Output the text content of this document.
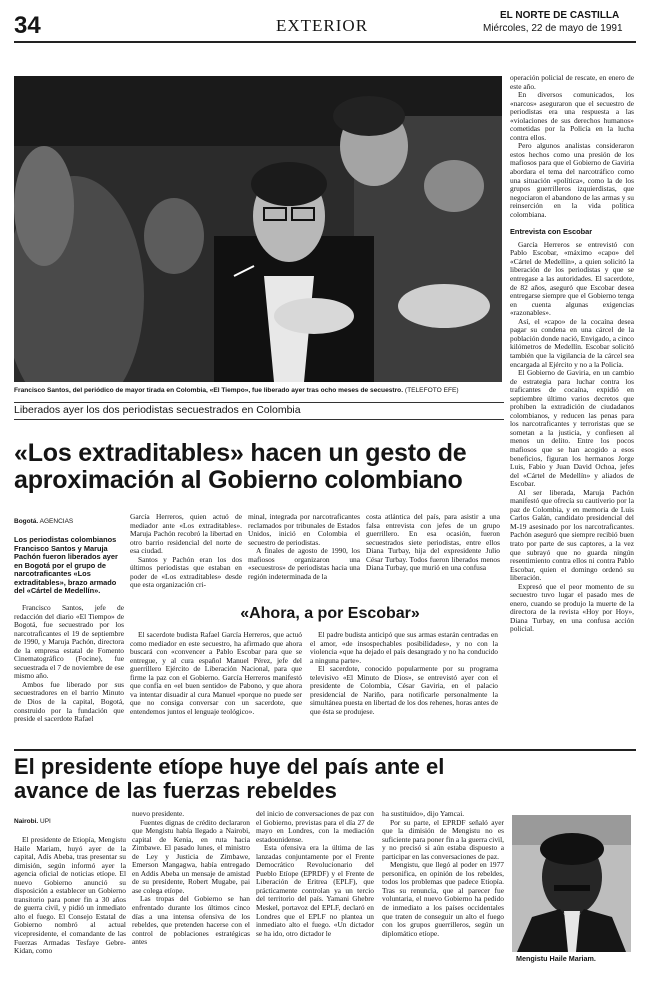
34	EXTERIOR
EL NORTE DE CASTILLA
Miércoles, 22 de mayo de 1991
Francisco Santos, del periódico de mayor tirada en Colombia, «El Tiempo», fue liberado ayer tras ocho meses de secuestro. (TELEFOTO EFE)
Liberados ayer los dos periodistas secuestrados en Colombia
«Los extraditables» hacen un gesto de aproximación al Gobierno colombiano
Bogotá. AGENCIAS
Los periodistas colombianos Francisco Santos y Maruja Pachón fueron liberados ayer en Bogotá por el grupo de narcotraficantes «Los extraditables», brazo armado del «Cártel de Medellín».

Francisco Santos, jefe de redacción del diario «El Tiempo» de Bogotá, fue secuestrado por los narcotraficantes el 19 de septiembre de 1990, y Maruja Pachón, directora de la empresa estatal de Fomento Cinematográfico (Focine), fue secuestrada el 7 de noviembre de ese mismo año.

Ambos fue liberado por sus secuestradores en el barrio Minuto de Dios de la capital, Bogotá, construido por la fundación que preside el sacerdote Rafael

García Herreros, quien actuó de mediador ante «Los extraditables». Maruja Pachón recobró la libertad en otro barrio residencial del norte de esa ciudad.

Santos y Pachón eran los dos últimos periodistas que estaban en poder de «Los extraditables» desde que esta organización cri-

minal, integrada por narcotraficantes reclamados por tribunales de Estados Unidos, inició en Colombia el secuestro de periodistas.

A finales de agosto de 1990, los mafiosos organizaron una «secuestros» de periodistas hacia una región indeterminada de la

costa atlántica del país, para asistir a una falsa entrevista con jefes de un grupo guerrillero. En esa ocasión, fueron secuestrados siete periodistas, entre ellos Diana Turbay, hija del expresidente Julio César Turbay. Todos fueron liberados menos Diana Turbay, que murió en una confusa

«Ahora, a por Escobar»

El sacerdote budista Rafael García Herreros, que actuó como mediador en este secuestro, ha afirmado que ahora buscará con «convencer a Pablo Escobar para que se entregue, y al cura español Manuel Pérez, jefe del guerrillero Ejército de Liberación Nacional, para que firme la paz con el Gobierno. García Herreros manifestó que confía en «el buen sentido» de Pabono, y que ahora va intentar disuadir al cura Manuel «porque no puede ser que no consiga conversar con un sacerdote, que entendemos juntos el lenguaje teológico».

El padre budista anticipó que sus armas estarán centradas en el amor, «de insospechables posibilidades», y no con la violencia «que ha dejado el país desangrado y no ha conducido a ninguna parte».

El sacerdote, conocido popularmente por su programa televisivo «El Minuto de Dios», se entrevistó ayer con el presidente de Colombia, César Gaviria, en el palacio presidencial de Nariño, para notificarle personalmente la simultánea puesta en libertad de los dos rehenes, horas antes de que ésta se produjese.

operación policial de rescate, en enero de este año.

En diversos comunicados, los «narcos» aseguraron que el secuestro de periodistas era una respuesta a las «violaciones de sus derechos humanos» cometidas por la Policía en la lucha contra ellos.

Pero algunos analistas consideraron estos hechos como una presión de los mafiosos para que el Gobierno de Gaviria abordara el tema del narcotráfico como una situación «política», como la de los grupos guerrilleros izquierdistas, que negociaron el abandono de las armas y su reinserción en la vida política colombiana.

Entrevista con Escobar

García Herreros se entrevistó con Pablo Escobar, «máximo «capo» del «Cártel de Medellín», a quien solicitó la liberación de los periodistas y que se entregase a las autoridades. El sacerdote, de 82 años, aseguró que Escobar desea entregarse siempre que el Gobierno tenga en cuenta algunas exigencias «razonables».

Así, el «capo» de la cocaína desea pagar su condena en una cárcel de la población donde nació, Envigado, a cinco kilómetros de Medellín. Escobar solicitó también que la vigilancia de la cárcel sea encargada al Ejército y no a la Policía.

El Gobierno de Gaviria, en un cambio de estrategia para luchar contra los traficantes de cocaína, expidió en septiembre último varios decretos que prohíben la extradición de ciudadanos colombianos, y reducen las penas para los narcotraficantes y terroristas que se sometan a la justicia, y confiesen al menos un delito. Entre los pocos mafiosos que se han acogido a esos beneficios, figuran los hermanos Jorge Luis, Fabio y Juan David Ochoa, jefes del «Cártel de Medellín» y aliados de Escobar.

Al ser liberada, Maruja Pachón manifestó que ofrecía su cautiverio por la paz de Colombia, y en memoria de Luis Carlos Galán, candidato presidencial del M-19 asesinado por los narcotraficantes. Pachón aseguró que siempre recibió buen trato por parte de sus captores, a la vez que subrayó que no guarda ningún resentimiento contra ellos ni contra Pablo Escobar, quien el domingo ordenó su liberación.

Expresó que el peor momento de su secuestro tuvo lugar el pasado mes de enero, cuando se produjo la muerte de la directora de la revista «Hoy por Hoy», Diana Turbay, en una confusa acción policial.

El presidente etíope huye del país ante el avance de las fuerzas rebeldes
Nairobi. UPI

El presidente de Etiopía, Mengistu Haile Mariam, huyó ayer de la capital, Adís Abeba, tras presentar su dimisión, según informó ayer la agencia oficial de noticias etíope. El nuevo Gobierno anunció su disposición a establecer un Gobierno transitorio para poner fin a 30 años de guerra civil, y pidió un inmediato alto el fuego. El Consejo Estatal de Gobierno nombró al actual vicepresidente, el comandante de las Fuerzas Armadas Tesfaye Gebre-Kidan, como

nuevo presidente.

Fuentes dignas de crédito declararon que Mengistu había llegado a Nairobi, capital de Kenia, en ruta hacia Zimbawe. El pasado lunes, el ministro de Ley y Justicia de Zimbawe, Emerson Mangagwa, había entregado en Addis Abeba un mensaje de amistad de su presidente, Robert Mugabe, pai ase colega etíope.

Las tropas del Gobierno se han enfrentado durante los últimos cinco días a una intensa ofensiva de los rebeldes, que pretenden hacerse con el control de poblaciones estratégicas antes

del inicio de conversaciones de paz con el Gobierno, previstas para el día 27 de mayo en Londres, con la mediación estadounidense.

Esta ofensiva era la última de las lanzadas conjuntamente por el Frente Democrático Revolucionario del Pueblo Etíope (EPRDF) y el Frente de Liberación de Eritrea (EPLF), que prácticamente controlan ya un tercio del territorio del país. Yamani Ghebre Meskel, portavoz del EPLF, declaró en Londres que el EPLF no plantea un inmediato alto el fuego. «Un dictador se ha ido, otro dictador le

ha sustituido», dijo Yamcai.

Por su parte, el EPRDF señaló ayer que la dimisión de Mengistu no es suficiente para poner fin a la guerra civil, y no precisó si aún estaba dispuesto a participar en las conversaciones de paz.

Mengistu, que llegó al poder en 1977 personifica, en opinión de los rebeldes, todos los problemas que padece Etiopía. Tras su renuncia, que al parecer fue voluntaria, el nuevo Gobierno ha pedido de inmediato a los países occidentales que traten de conseguir un alto el fuego con los grupos guerrilleros, según un diplomático etíope.

Mengistu Haile Mariam.
